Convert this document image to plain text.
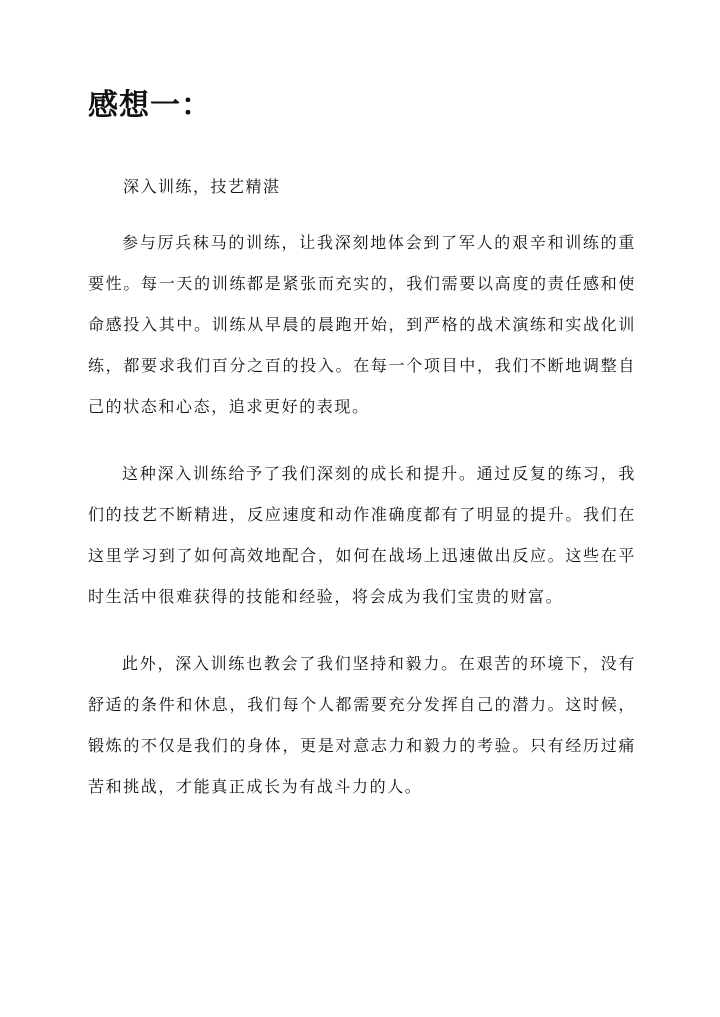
感想一：

深入训练，技艺精湛

参与厉兵秣马的训练，让我深刻地体会到了军人的艰辛和训练的重要性。每一天的训练都是紧张而充实的，我们需要以高度的责任感和使命感投入其中。训练从早晨的晨跑开始，到严格的战术演练和实战化训练，都要求我们百分之百的投入。在每一个项目中，我们不断地调整自己的状态和心态，追求更好的表现。

这种深入训练给予了我们深刻的成长和提升。通过反复的练习，我们的技艺不断精进，反应速度和动作准确度都有了明显的提升。我们在这里学习到了如何高效地配合，如何在战场上迅速做出反应。这些在平时生活中很难获得的技能和经验，将会成为我们宝贵的财富。

此外，深入训练也教会了我们坚持和毅力。在艰苦的环境下，没有舒适的条件和休息，我们每个人都需要充分发挥自己的潜力。这时候，锻炼的不仅是我们的身体，更是对意志力和毅力的考验。只有经历过痛苦和挑战，才能真正成长为有战斗力的人。
